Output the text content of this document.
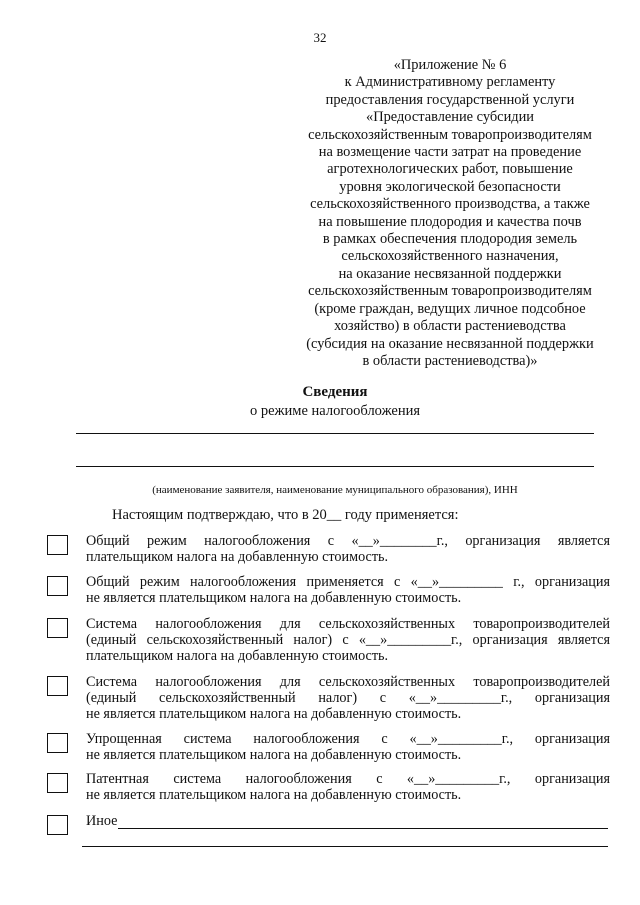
32
«Приложение № 6
к Административному регламенту
предоставления государственной услуги
«Предоставление субсидии
сельскохозяйственным товаропроизводителям
на возмещение части затрат на проведение
агротехнологических работ, повышение
уровня экологической безопасности
сельскохозяйственного производства, а также
на повышение плодородия и качества почв
в рамках обеспечения плодородия земель
сельскохозяйственного назначения,
на оказание несвязанной поддержки
сельскохозяйственным товаропроизводителям
(кроме граждан, ведущих личное подсобное
хозяйство) в области растениеводства
(субсидия на оказание несвязанной поддержки
в области растениеводства)»
Сведения
о режиме налогообложения
(наименование заявителя, наименование муниципального образования), ИНН
Настоящим подтверждаю, что в 20__ году применяется:
Общий режим налогообложения с «__»________г., организация является
плательщиком налога на добавленную стоимость.
Общий режим налогообложения применяется с «__»_________ г., организация
не является плательщиком налога на добавленную стоимость.
Система налогообложения для сельскохозяйственных товаропроизводителей
(единый сельскохозяйственный налог) с «__»_________г., организация является
плательщиком налога на добавленную стоимость.
Система налогообложения для сельскохозяйственных товаропроизводителей
(единый сельскохозяйственный налог) с «__»_________г., организация
не является плательщиком налога на добавленную стоимость.
Упрощенная система налогообложения с «__»_________г., организация
не является плательщиком налога на добавленную стоимость.
Патентная система налогообложения с «__»_________г., организация
не является плательщиком налога на добавленную стоимость.
Иное
